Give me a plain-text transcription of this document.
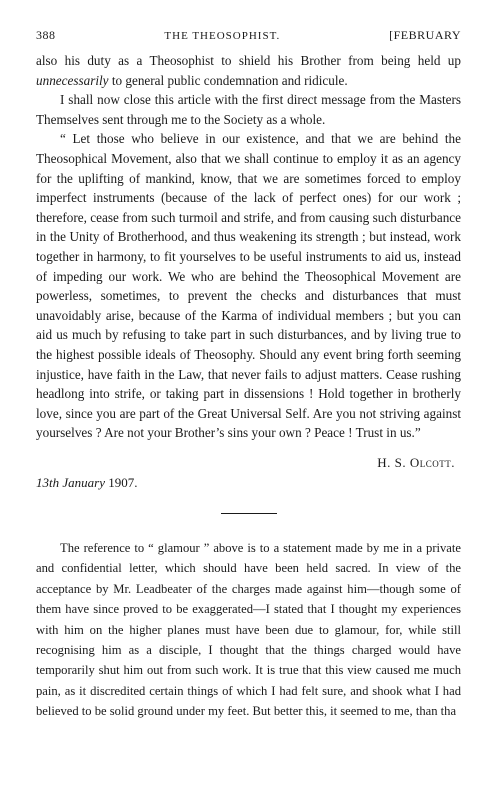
388	THE THEOSOPHIST.	[FEBRUARY

also his duty as a Theosophist to shield his Brother from being held up unnecessarily to general public condemnation and ridicule.

I shall now close this article with the first direct message from the Masters Themselves sent through me to the Society as a whole.

“ Let those who believe in our existence, and that we are behind the Theosophical Movement, also that we shall continue to employ it as an agency for the uplifting of mankind, know, that we are sometimes forced to employ imperfect instruments (because of the lack of perfect ones) for our work ; therefore, cease from such turmoil and strife, and from causing such disturbance in the Unity of Brotherhood, and thus weakening its strength ; but instead, work together in harmony, to fit yourselves to be useful instruments to aid us, instead of impeding our work. We who are behind the Theosophical Movement are powerless, sometimes, to prevent the checks and disturbances that must unavoidably arise, because of the Karma of individual members ; but you can aid us much by refusing to take part in such disturbances, and by living true to the highest possible ideals of Theosophy. Should any event bring forth seeming injustice, have faith in the Law, that never fails to adjust matters. Cease rushing headlong into strife, or taking part in dissensions ! Hold together in brotherly love, since you are part of the Great Universal Self. Are you not striving against yourselves ? Are not your Brother’s sins your own ? Peace ! Trust in us.”

H. S. Olcott.
13th January 1907.

The reference to “ glamour ” above is to a statement made by me in a private and confidential letter, which should have been held sacred. In view of the acceptance by Mr. Leadbeater of the charges made against him—though some of them have since proved to be exaggerated—I stated that I thought my experiences with him on the higher planes must have been due to glamour, for, while still recognising him as a disciple, I thought that the things charged would have temporarily shut him out from such work. It is true that this view caused me much pain, as it discredited certain things of which I had felt sure, and shook what I had believed to be solid ground under my feet. But better this, it seemed to me, than tha
